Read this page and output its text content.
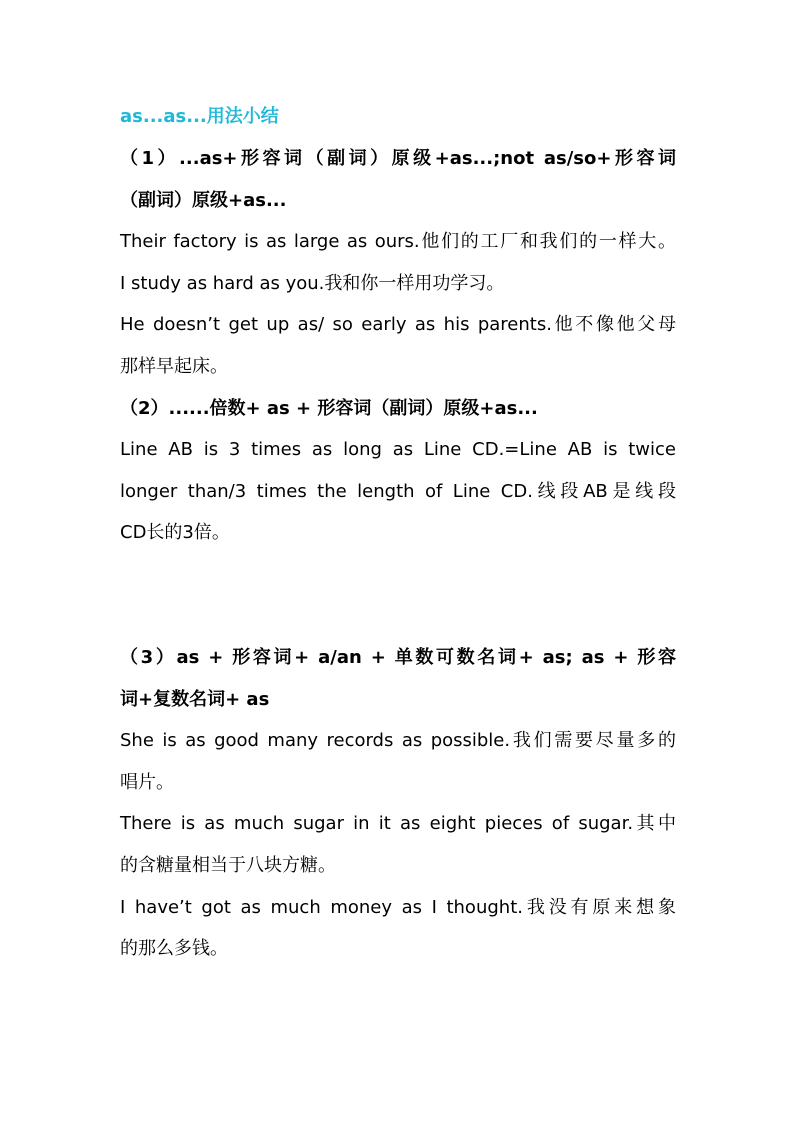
as...as...用法小结
（1）...as+形容词（副词）原级+as...;not as/so+形容词
（副词）原级+as...
Their factory is as large as ours.他们的工厂和我们的一样大。
I study as hard as you.我和你一样用功学习。
He doesn’t get up as/ so early as his parents.他不像他父母
那样早起床。
（2）......倍数+ as + 形容词（副词）原级+as...
Line AB is 3 times as long as Line CD.=Line AB is twice
longer than/3 times the length of Line CD.线段AB是线段
CD长的3倍。
（3）as + 形容词+ a/an + 单数可数名词+ as; as + 形容
词+复数名词+ as
She is as good many records as possible.我们需要尽量多的
唱片。
There is as much sugar in it as eight pieces of sugar.其中
的含糖量相当于八块方糖。
I have’t got as much money as I thought.我没有原来想象
的那么多钱。
